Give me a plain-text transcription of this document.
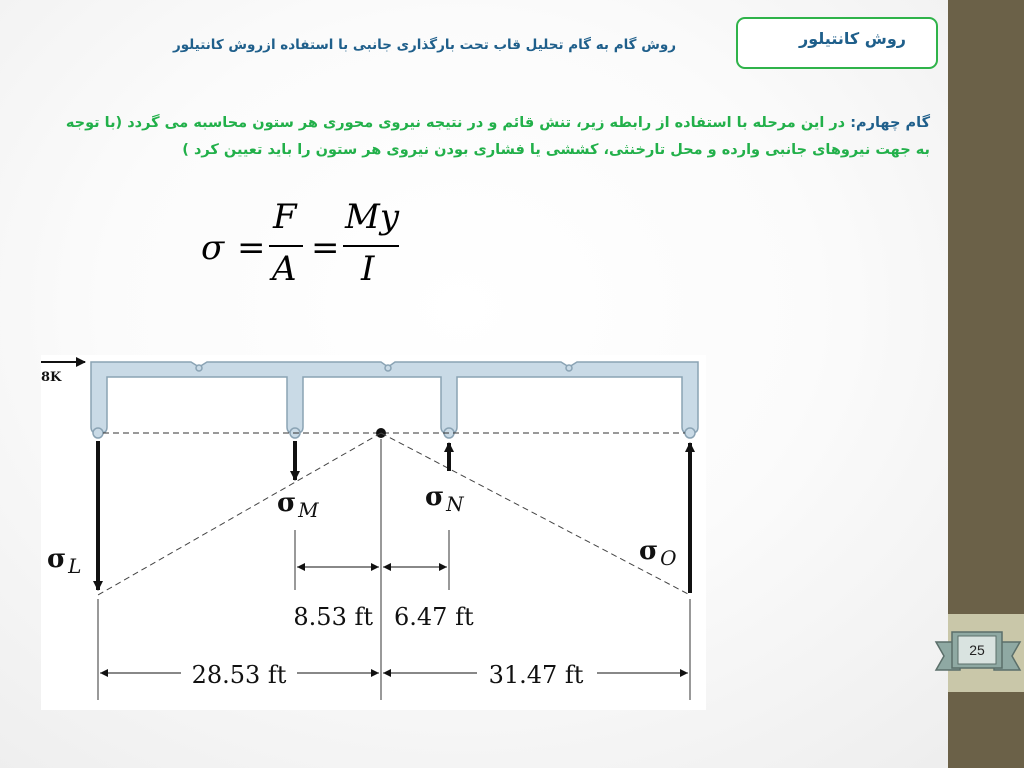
روش کانتیلور
روش گام به گام تحلیل قاب تحت بارگذاری جانبی با استفاده ازروش کانتیلور
گام چهارم: در این مرحله با استفاده از رابطه زیر، تنش قائم و در نتیجه نیروی محوری هر ستون محاسبه می گردد (با توجه به جهت نیروهای جانبی وارده و محل تارخنثی، کششی یا فشاری بودن نیروی هر ستون را باید تعیین کرد )
σ =
F
A
=
My
I
8K
σ $_L$
σ $_M$	σ $_N$
σ $_O$
8.53 ft 6.47 ft
28.53 ft	31.47 ft
25
